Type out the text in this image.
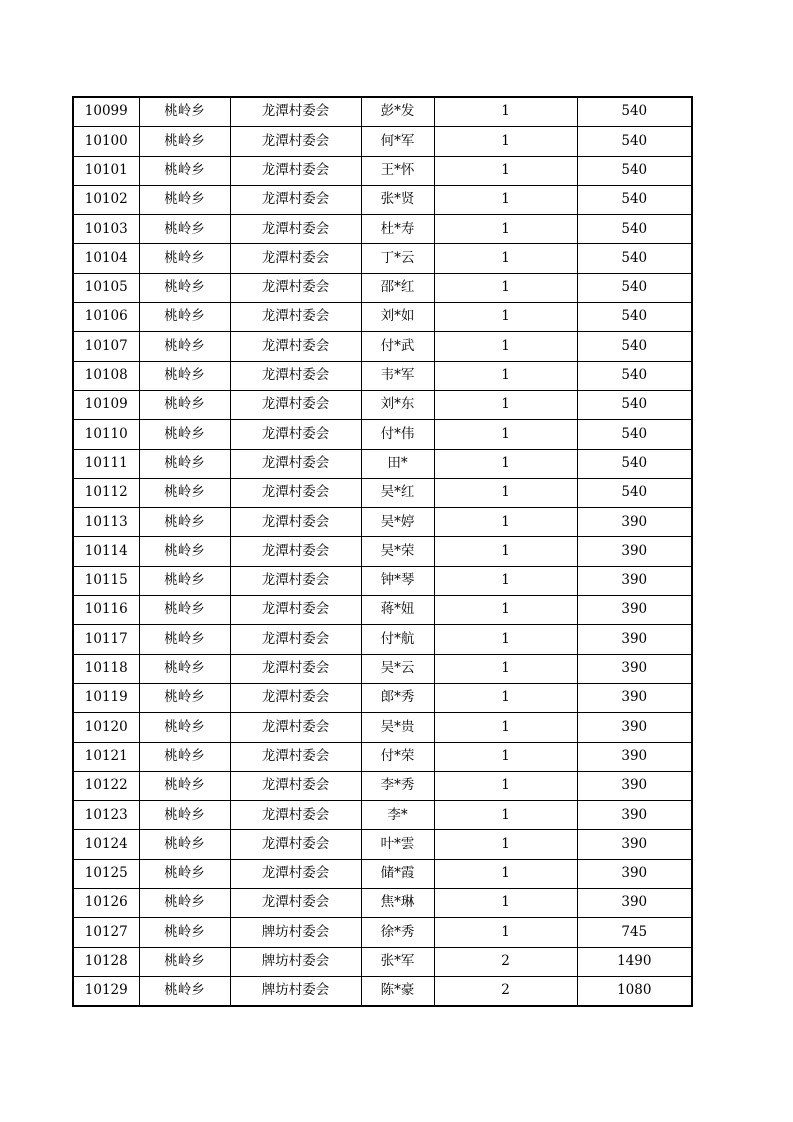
10099	桃岭乡	龙潭村委会	彭*发	1	540
10100	桃岭乡	龙潭村委会	何*军	1	540
10101	桃岭乡	龙潭村委会	王*怀	1	540
10102	桃岭乡	龙潭村委会	张*贤	1	540
10103	桃岭乡	龙潭村委会	杜*寿	1	540
10104	桃岭乡	龙潭村委会	丁*云	1	540
10105	桃岭乡	龙潭村委会	邵*红	1	540
10106	桃岭乡	龙潭村委会	刘*如	1	540
10107	桃岭乡	龙潭村委会	付*武	1	540
10108	桃岭乡	龙潭村委会	韦*军	1	540
10109	桃岭乡	龙潭村委会	刘*东	1	540
10110	桃岭乡	龙潭村委会	付*伟	1	540
10111	桃岭乡	龙潭村委会	田*	1	540
10112	桃岭乡	龙潭村委会	吴*红	1	540
10113	桃岭乡	龙潭村委会	吴*婷	1	390
10114	桃岭乡	龙潭村委会	吴*荣	1	390
10115	桃岭乡	龙潭村委会	钟*琴	1	390
10116	桃岭乡	龙潭村委会	蒋*妞	1	390
10117	桃岭乡	龙潭村委会	付*航	1	390
10118	桃岭乡	龙潭村委会	吴*云	1	390
10119	桃岭乡	龙潭村委会	郎*秀	1	390
10120	桃岭乡	龙潭村委会	吴*贵	1	390
10121	桃岭乡	龙潭村委会	付*荣	1	390
10122	桃岭乡	龙潭村委会	李*秀	1	390
10123	桃岭乡	龙潭村委会	李*	1	390
10124	桃岭乡	龙潭村委会	叶*雲	1	390
10125	桃岭乡	龙潭村委会	储*霞	1	390
10126	桃岭乡	龙潭村委会	焦*琳	1	390
10127	桃岭乡	牌坊村委会	徐*秀	1	745
10128	桃岭乡	牌坊村委会	张*军	2	1490
10129	桃岭乡	牌坊村委会	陈*豪	2	1080
